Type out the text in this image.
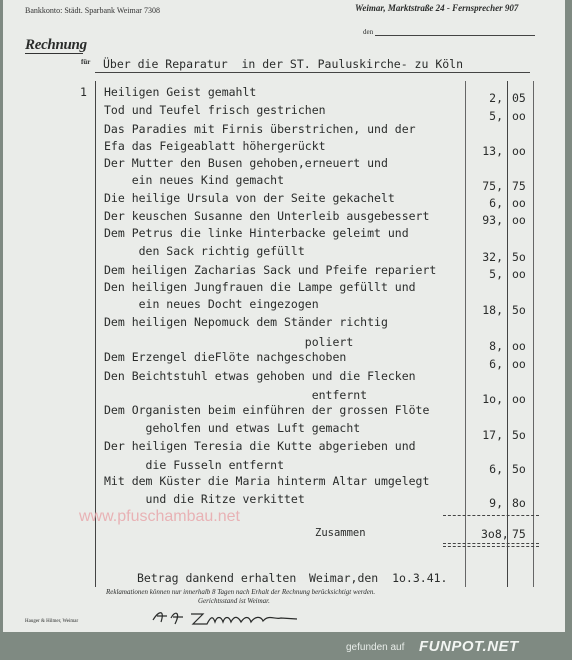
Bankkonto: Städt. Sparbank Weimar 7308	Weimar, Marktstraße 24 - Fernsprecher 907
den
Rechnung
für Über die Reparatur  in der ST. Pauluskirche- zu Köln
1 Heiligen Geist gemahlt	2, 05
Tod und Teufel frisch gestrichen	5, oo
Das Paradies mit Firnis überstrichen, und der
Efa das Feigeablatt höhergerückt	13, oo
Der Mutter den Busen gehoben,erneuert und
ein neues Kind gemacht	75, 75
Die heilige Ursula von der Seite gekachelt	6, oo
Der keuschen Susanne den Unterleib ausgebessert	93, oo
Dem Petrus die linke Hinterbacke geleimt und
den Sack richtig gefüllt	32, 5o
Dem heiligen Zacharias Sack und Pfeife repariert	5, oo
Den heiligen Jungfrauen die Lampe gefüllt und
ein neues Docht eingezogen	18, 5o
Dem heiligen Nepomuck dem Ständer richtig
poliert	8, oo
Dem Erzengel dieFlöte nachgeschoben	6, oo
Den Beichtstuhl etwas gehoben und die Flecken
entfernt	1o, oo
Dem Organisten beim einführen der grossen Flöte
geholfen und etwas Luft gemacht	17, 5o
Der heiligen Teresia die Kutte abgerieben und
die Fusseln entfernt	6, 5o
Mit dem Küster die Maria hinterm Altar umgelegt
und die Ritze verkittet	9, 8o
Zusammen	3o8, 75
Betrag dankend erhalten Weimar,den  1o.3.41.
Reklamationen können nur innerhalb 8 Tagen nach Erhalt der Rechnung berücksichtigt werden.
Gerichtsstand ist Weimar.
Hauger & Hilmer, Weimar
www.pfuschambau.net
gefunden auf FUNPOT.NET
